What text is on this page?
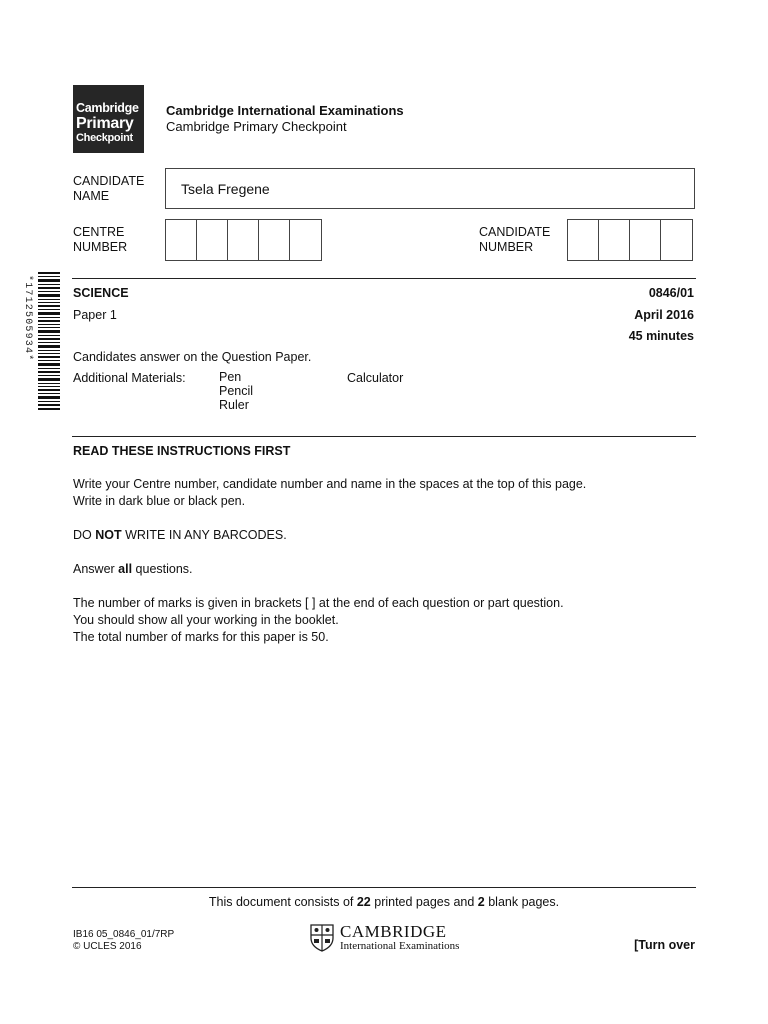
Cambridge
Primary
Checkpoint
Cambridge International Examinations
Cambridge Primary Checkpoint
CANDIDATE
NAME	Tsela Fregene
CENTRE
NUMBER
CANDIDATE
NUMBER
*1712505934*	SCIENCE	0846/01
Paper 1	April 2016
45 minutes
Candidates answer on the Question Paper.
Additional Materials:	Pen
Pencil
Ruler
Calculator
READ THESE INSTRUCTIONS FIRST
Write your Centre number, candidate number and name in the spaces at the top of this page.
Write in dark blue or black pen.
DO NOT WRITE IN ANY BARCODES.
Answer all questions.
The number of marks is given in brackets [ ] at the end of each question or part question.
You should show all your working in the booklet.
The total number of marks for this paper is 50.
This document consists of 22 printed pages and 2 blank pages.
IB16 05_0846_01/7RP
© UCLES 2016
CAMBRIDGE
International Examinations	[Turn over
